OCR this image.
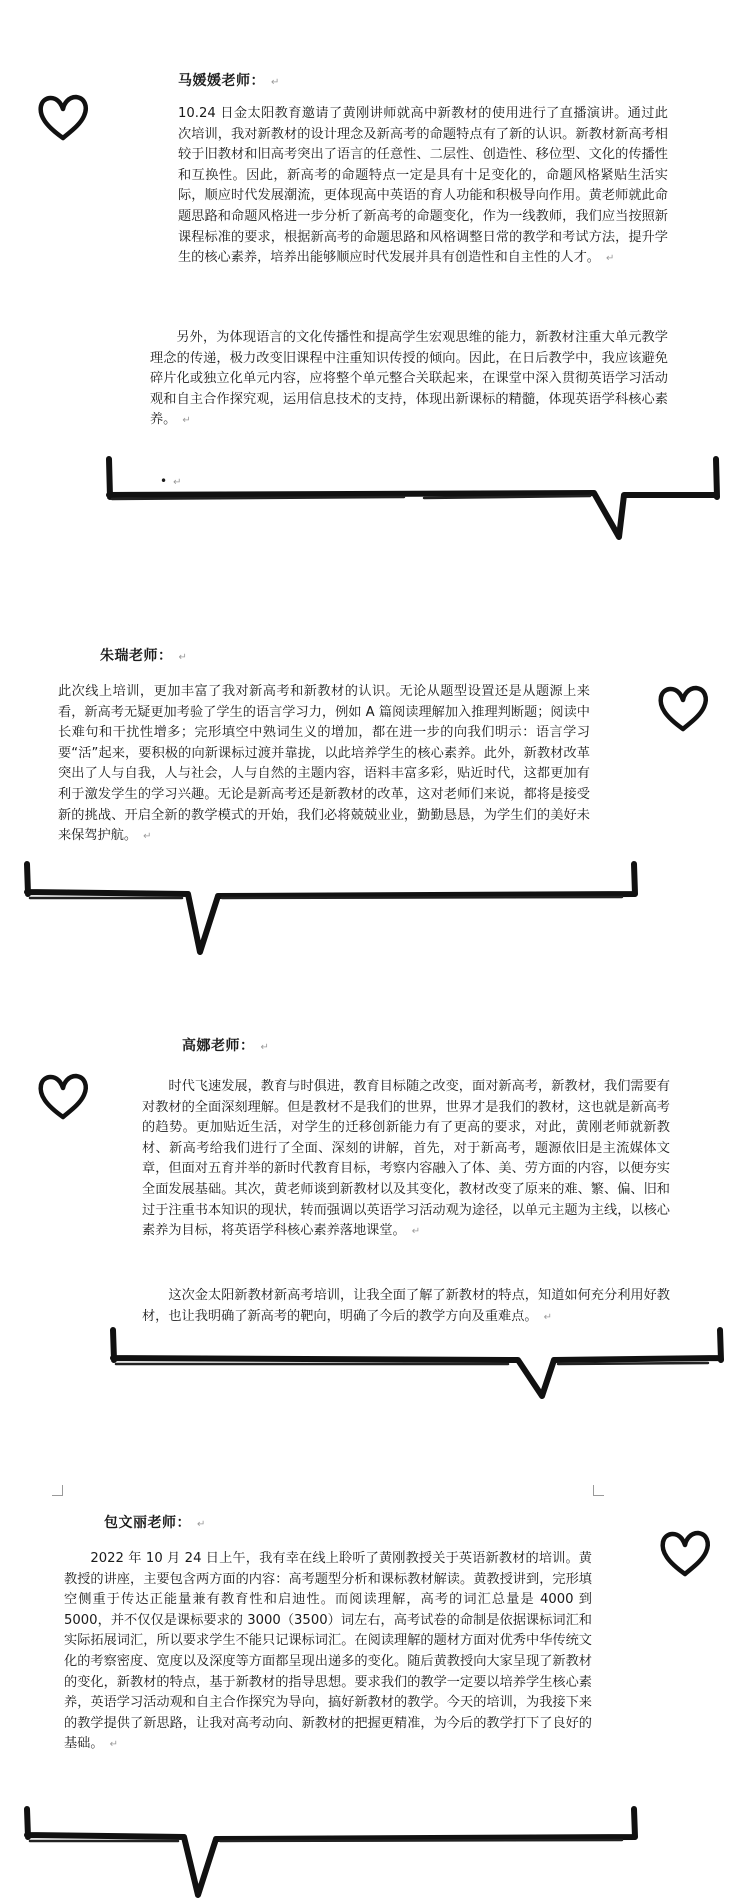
马媛媛老师： ↵
10.24 日金太阳教育邀请了黄刚讲师就高中新教材的使用进行了直播演讲。通过此次培训，我对新教材的设计理念及新高考的命题特点有了新的认识。新教材新高考相较于旧教材和旧高考突出了语言的任意性、二层性、创造性、移位型、文化的传播性和互换性。因此，新高考的命题特点一定是具有十足变化的，命题风格紧贴生活实际，顺应时代发展潮流，更体现高中英语的育人功能和积极导向作用。黄老师就此命题思路和命题风格进一步分析了新高考的命题变化，作为一线教师，我们应当按照新课程标准的要求，根据新高考的命题思路和风格调整日常的教学和考试方法，提升学生的核心素养，培养出能够顺应时代发展并具有创造性和自主性的人才。 ↵
另外，为体现语言的文化传播性和提高学生宏观思维的能力，新教材注重大单元教学理念的传递，极力改变旧课程中注重知识传授的倾向。因此，在日后教学中，我应该避免碎片化或独立化单元内容，应将整个单元整合关联起来，在课堂中深入贯彻英语学习活动观和自主合作探究观，运用信息技术的支持，体现出新课标的精髓，体现英语学科核心素养。 ↵
• ↵
朱瑞老师： ↵
此次线上培训，更加丰富了我对新高考和新教材的认识。无论从题型设置还是从题源上来看，新高考无疑更加考验了学生的语言学习力，例如 A 篇阅读理解加入推理判断题；阅读中长难句和干扰性增多；完形填空中熟词生义的增加，都在进一步的向我们明示：语言学习要“活”起来，要积极的向新课标过渡并靠拢，以此培养学生的核心素养。此外，新教材改革突出了人与自我，人与社会，人与自然的主题内容，语料丰富多彩，贴近时代，这都更加有利于激发学生的学习兴趣。无论是新高考还是新教材的改革，这对老师们来说，都将是接受新的挑战、开启全新的教学模式的开始，我们必将兢兢业业，勤勤恳恳，为学生们的美好未来保驾护航。 ↵
高娜老师： ↵
时代飞速发展，教育与时俱进，教育目标随之改变，面对新高考，新教材，我们需要有对教材的全面深刻理解。但是教材不是我们的世界，世界才是我们的教材，这也就是新高考的趋势。更加贴近生活，对学生的迁移创新能力有了更高的要求，对此，黄刚老师就新教材、新高考给我们进行了全面、深刻的讲解，首先，对于新高考，题源依旧是主流媒体文章，但面对五育并举的新时代教育目标，考察内容融入了体、美、劳方面的内容，以便夯实全面发展基础。其次，黄老师谈到新教材以及其变化，教材改变了原来的难、繁、偏、旧和过于注重书本知识的现状，转而强调以英语学习活动观为途径，以单元主题为主线，以核心素养为目标，将英语学科核心素养落地课堂。 ↵
这次金太阳新教材新高考培训，让我全面了解了新教材的特点，知道如何充分利用好教材，也让我明确了新高考的靶向，明确了今后的教学方向及重难点。 ↵
包文丽老师： ↵
2022 年 10 月 24 日上午，我有幸在线上聆听了黄刚教授关于英语新教材的培训。黄教授的讲座，主要包含两方面的内容：高考题型分析和课标教材解读。黄教授讲到，完形填空侧重于传达正能量兼有教育性和启迪性。而阅读理解，高考的词汇总量是 4000 到 5000，并不仅仅是课标要求的 3000（3500）词左右，高考试卷的命制是依据课标词汇和实际拓展词汇，所以要求学生不能只记课标词汇。在阅读理解的题材方面对优秀中华传统文化的考察密度、宽度以及深度等方面都呈现出递多的变化。随后黄教授向大家呈现了新教材的变化，新教材的特点，基于新教材的指导思想。要求我们的教学一定要以培养学生核心素养，英语学习活动观和自主合作探究为导向，搞好新教材的教学。今天的培训，为我接下来的教学提供了新思路，让我对高考动向、新教材的把握更精准，为今后的教学打下了良好的基础。 ↵
